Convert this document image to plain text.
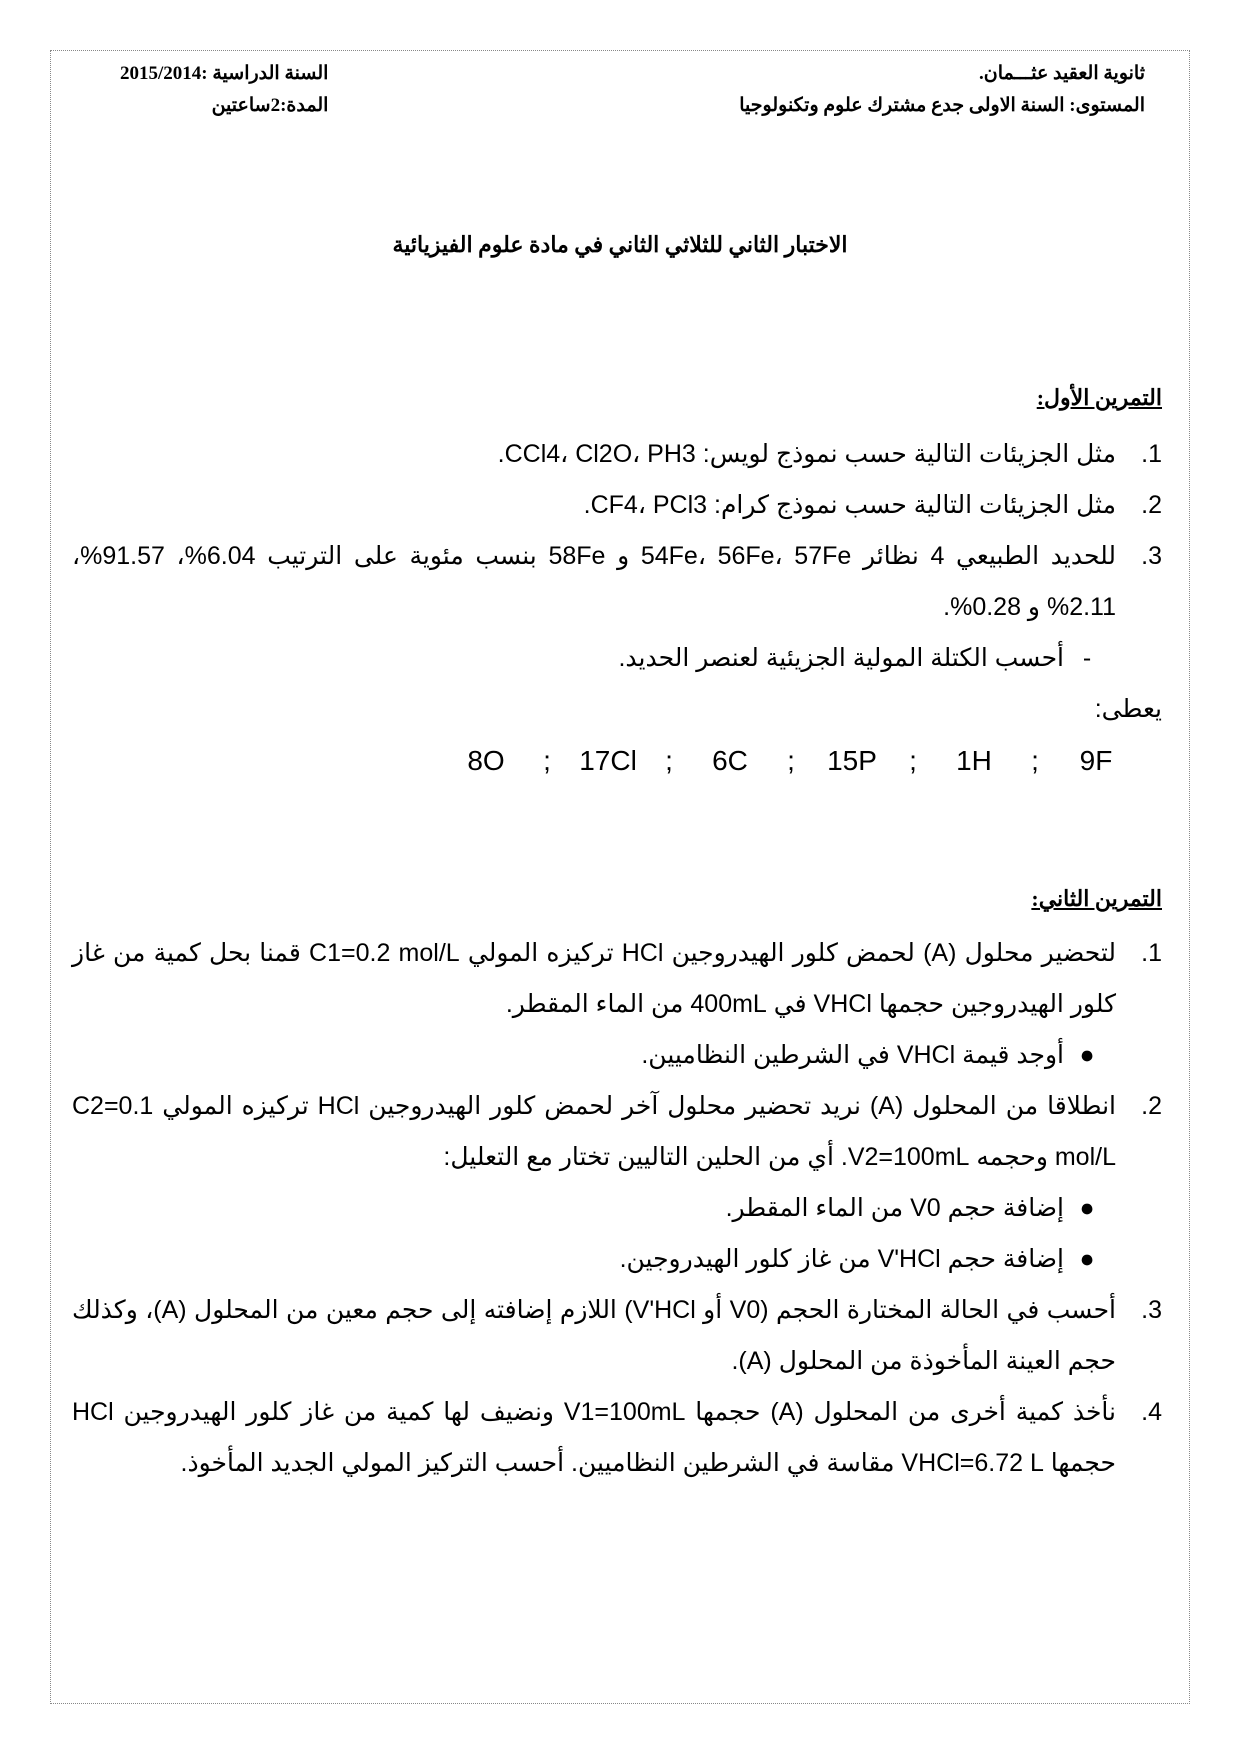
ثانوية العقيد عثـــمان.
المستوى: السنة الاولى جدع مشترك علوم وتكنولوجيا
السنة الدراسية :2015/2014
المدة:2ساعتين
الاختبار الثاني للثلاثي الثاني في مادة علوم الفيزيائية
التمرين الأول:
1.
مثل الجزيئات التالية حسب نموذج لويس: CCl4، Cl2O، PH3.
2.
مثل الجزيئات التالية حسب نموذج كرام: CF4، PCl3.
3.
للحديد الطبيعي 4 نظائر 54Fe، 56Fe، 57Fe و 58Fe بنسب مئوية على الترتيب 6.04%، 91.57%، 2.11% و 0.28%.
-
أحسب الكتلة المولية الجزيئية لعنصر الحديد.
يعطى:
8O	;	17Cl	;	6C	;	15P	;	1H	;	9F
التمرين الثاني:
1.
لتحضير محلول (A) لحمض كلور الهيدروجين HCl تركيزه المولي C1=0.2 mol/L قمنا بحل كمية من غاز كلور الهيدروجين حجمها VHCl في 400mL من الماء المقطر.
●
أوجد قيمة VHCl في الشرطين النظاميين.
2.
انطلاقا من المحلول (A) نريد تحضير محلول آخر لحمض كلور الهيدروجين HCl تركيزه المولي C2=0.1 mol/L وحجمه V2=100mL. أي من الحلين التاليين تختار مع التعليل:
●
إضافة حجم V0 من الماء المقطر.
●
إضافة حجم V'HCl من غاز كلور الهيدروجين.
3.
أحسب في الحالة المختارة الحجم (V0 أو V'HCl) اللازم إضافته إلى حجم معين من المحلول (A)، وكذلك حجم العينة المأخوذة من المحلول (A).
4.
نأخذ كمية أخرى من المحلول (A) حجمها V1=100mL ونضيف لها كمية من غاز كلور الهيدروجين HCl حجمها VHCl=6.72 L مقاسة في الشرطين النظاميين. أحسب التركيز المولي الجديد المأخوذ.
